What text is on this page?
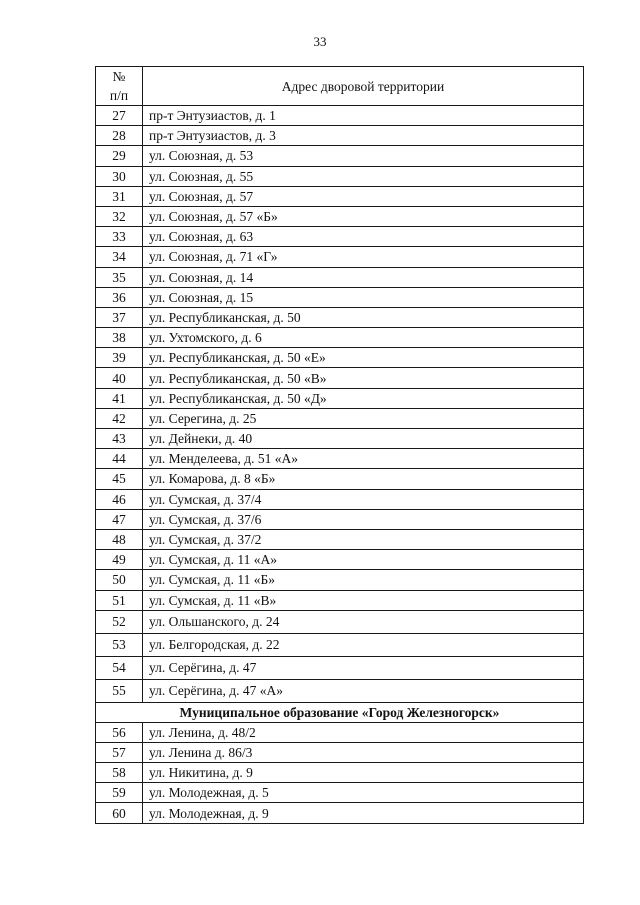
33
№
п/п	Адрес дворовой территории
27	пр-т Энтузиастов, д. 1
28	пр-т Энтузиастов, д. 3
29	ул. Союзная, д. 53
30	ул. Союзная, д. 55
31	ул. Союзная, д. 57
32	ул. Союзная, д. 57 «Б»
33	ул. Союзная, д. 63
34	ул. Союзная, д. 71 «Г»
35	ул. Союзная, д. 14
36	ул. Союзная, д. 15
37	ул. Республиканская, д. 50
38	ул. Ухтомского, д. 6
39	ул. Республиканская, д. 50 «Е»
40	ул. Республиканская, д. 50 «В»
41	ул. Республиканская, д. 50 «Д»
42	ул. Серегина, д. 25
43	ул. Дейнеки, д. 40
44	ул. Менделеева, д. 51 «А»
45	ул. Комарова, д. 8 «Б»
46	ул. Сумская, д. 37/4
47	ул. Сумская, д. 37/6
48	ул. Сумская, д. 37/2
49	ул. Сумская, д. 11 «А»
50	ул. Сумская, д. 11 «Б»
51	ул. Сумская, д. 11 «В»
52	ул. Ольшанского, д. 24
53	ул. Белгородская, д. 22
54	ул. Серёгина, д. 47
55	ул. Серёгина, д. 47 «А»
Муниципальное образование «Город Железногорск»	
56	ул. Ленина, д. 48/2
57	ул. Ленина д. 86/3
58	ул. Никитина, д. 9
59	ул. Молодежная, д. 5
60	ул. Молодежная, д. 9
